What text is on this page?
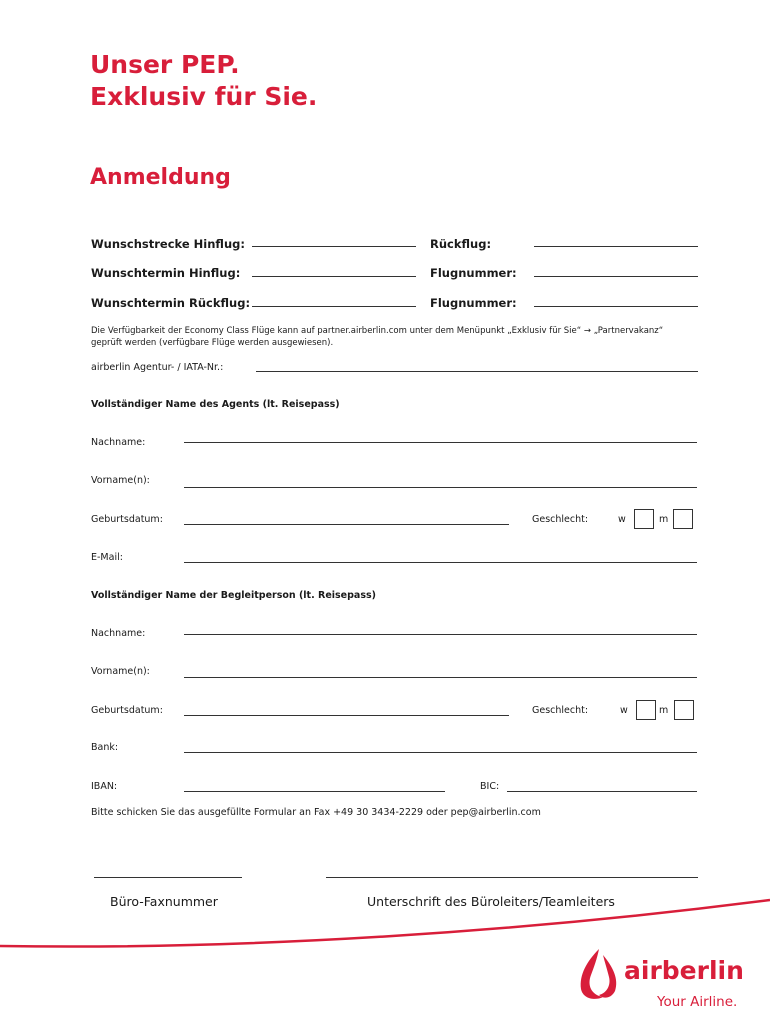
Unser PEP.
Exklusiv für Sie.
Anmeldung
Wunschstrecke Hinflug:	Rückflug:
Wunschtermin Hinflug:	Flugnummer:
Wunschtermin Rückflug:	Flugnummer:
Die Verfügbarkeit der Economy Class Flüge kann auf partner.airberlin.com unter dem Menüpunkt „Exklusiv für Sie“ → „Partnervakanz“ geprüft werden (verfügbare Flüge werden ausgewiesen).
airberlin Agentur- / IATA-Nr.:
Vollständiger Name des Agents (lt. Reisepass)
Nachname:
Vorname(n):
Geburtsdatum:	Geschlecht:	w	m
E-Mail:
Vollständiger Name der Begleitperson (lt. Reisepass)
Nachname:
Vorname(n):
Geburtsdatum:	Geschlecht:	w	m
Bank:
IBAN:	BIC:
Bitte schicken Sie das ausgefüllte Formular an Fax +49 30 3434-2229 oder pep@airberlin.com
Büro-Faxnummer	Unterschrift des Büroleiters/Teamleiters
airberlin
Your Airline.
